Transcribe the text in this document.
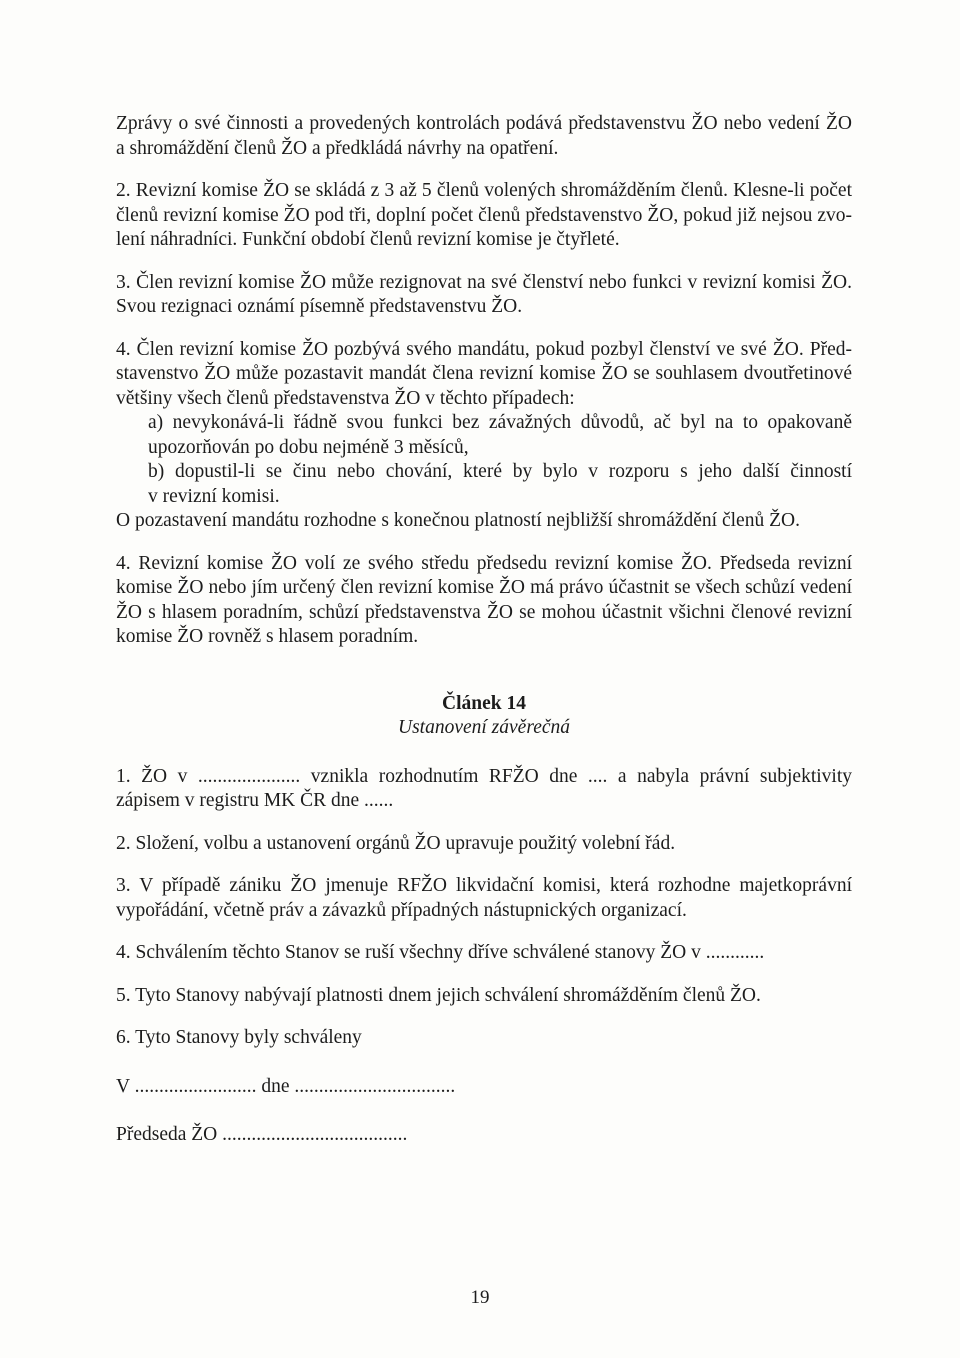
Zprávy o své činnosti a provedených kontrolách podává představenstvu ŽO nebo vedení ŽO
a shromáždění členů ŽO a předkládá návrhy na opatření.

2. Revizní komise ŽO se skládá z 3 až 5 členů volených shromážděním členů. Klesne-li počet
členů revizní komise ŽO pod tři, doplní počet členů představenstvo ŽO, pokud již nejsou zvo-
lení náhradníci. Funkční období členů revizní komise je čtyřleté.

3. Člen revizní komise ŽO může rezignovat na své členství nebo funkci v revizní komisi ŽO.
Svou rezignaci oznámí písemně představenstvu ŽO.

4. Člen revizní komise ŽO pozbývá svého mandátu, pokud pozbyl členství ve své ŽO. Před-
stavenstvo ŽO může pozastavit mandát člena revizní komise ŽO se souhlasem dvoutřetinové
většiny všech členů představenstva ŽO v těchto případech:
a) nevykonává-li řádně svou funkci bez závažných důvodů, ač byl na to opakovaně
upozorňován po dobu nejméně 3 měsíců,
b) dopustil-li se činu nebo chování, které by bylo v rozporu s jeho další činností
v revizní komisi.
O pozastavení mandátu rozhodne s konečnou platností nejbližší shromáždění členů ŽO.

4. Revizní komise ŽO volí ze svého středu předsedu revizní komise ŽO. Předseda revizní
komise ŽO nebo jím určený člen revizní komise ŽO má právo účastnit se všech schůzí vedení
ŽO s hlasem poradním, schůzí představenstva ŽO se mohou účastnit všichni členové revizní
komise ŽO rovněž s hlasem poradním.

Článek 14
Ustanovení závěrečná

1. ŽO v ..................... vznikla rozhodnutím RFŽO dne .... a nabyla právní subjektivity
zápisem v registru MK ČR dne ......

2. Složení, volbu a ustanovení orgánů ŽO upravuje použitý volební řád.

3. V případě zániku ŽO jmenuje RFŽO likvidační komisi, která rozhodne majetkoprávní
vypořádání, včetně práv a závazků případných nástupnických organizací.

4. Schválením těchto Stanov se ruší všechny dříve schválené stanovy ŽO v ............

5. Tyto Stanovy nabývají platnosti dnem jejich schválení shromážděním členů ŽO.

6. Tyto Stanovy byly schváleny

V ......................... dne .................................

Předseda ŽO ......................................

19
